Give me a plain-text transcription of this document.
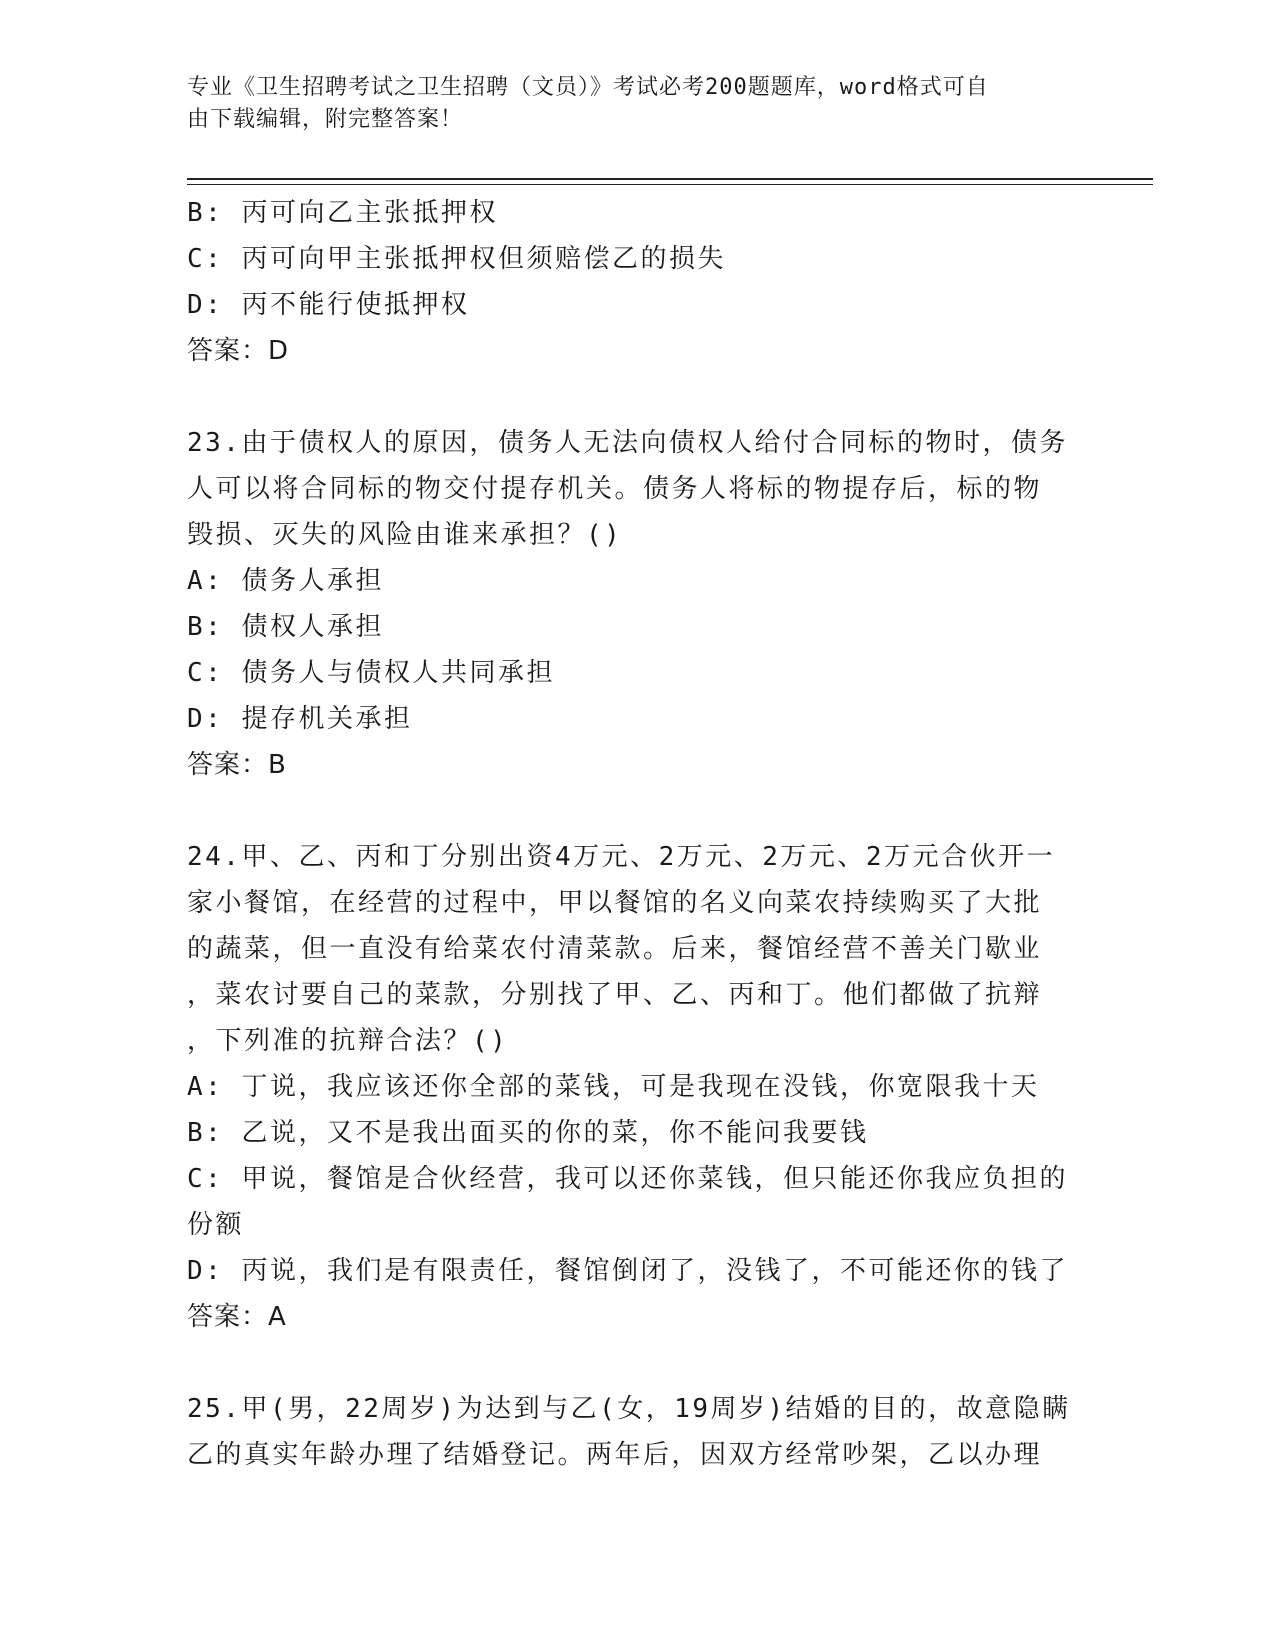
专业《卫生招聘考试之卫生招聘（文员）》考试必考200题题库，word格式可自
由下载编辑，附完整答案！
B: 丙可向乙主张抵押权
C: 丙可向甲主张抵押权但须赔偿乙的损失
D: 丙不能行使抵押权
答案：D
23.由于债权人的原因，债务人无法向债权人给付合同标的物时，债务
人可以将合同标的物交付提存机关。债务人将标的物提存后，标的物
毁损、灭失的风险由谁来承担？()
A: 债务人承担
B: 债权人承担
C: 债务人与债权人共同承担
D: 提存机关承担
答案：B
24.甲、乙、丙和丁分别出资4万元、2万元、2万元、2万元合伙开一
家小餐馆，在经营的过程中，甲以餐馆的名义向菜农持续购买了大批
的蔬菜，但一直没有给菜农付清菜款。后来，餐馆经营不善关门歇业
，菜农讨要自己的菜款，分别找了甲、乙、丙和丁。他们都做了抗辩
，下列准的抗辩合法？()
A: 丁说，我应该还你全部的菜钱，可是我现在没钱，你宽限我十天
B: 乙说，又不是我出面买的你的菜，你不能问我要钱
C: 甲说，餐馆是合伙经营，我可以还你菜钱，但只能还你我应负担的
份额
D: 丙说，我们是有限责任，餐馆倒闭了，没钱了，不可能还你的钱了
答案：A
25.甲(男，22周岁)为达到与乙(女，19周岁)结婚的目的，故意隐瞒
乙的真实年龄办理了结婚登记。两年后，因双方经常吵架，乙以办理
